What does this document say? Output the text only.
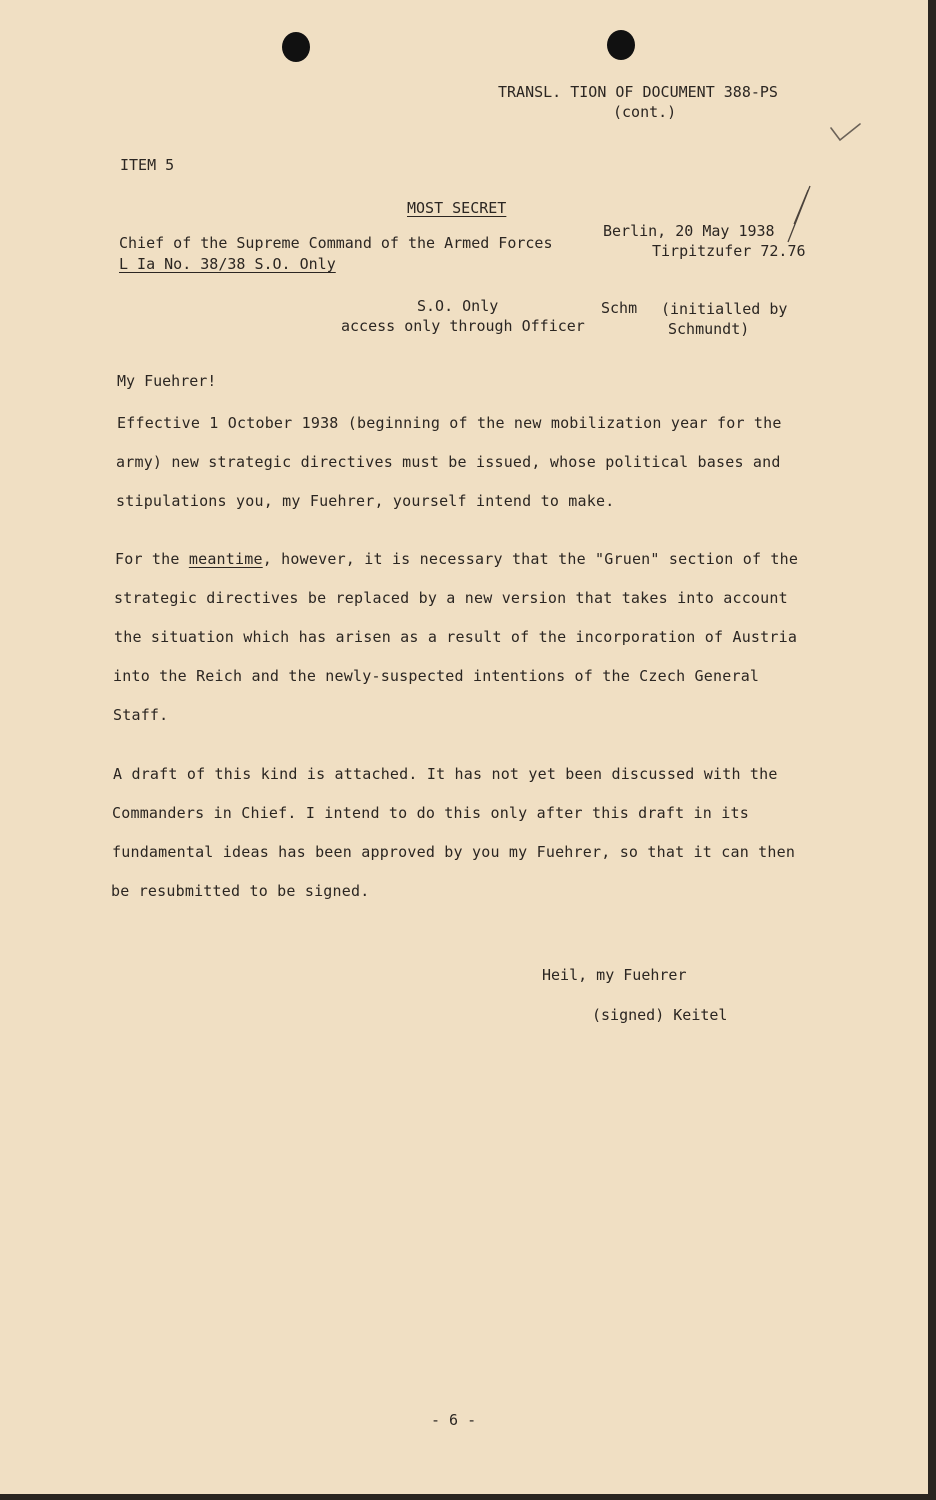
TRANSL. TION OF DOCUMENT 388-PS
(cont.)
ITEM 5
MOST SECRET
Berlin, 20 May 1938
Tirpitzufer 72.76
Chief of the Supreme Command of the Armed Forces
L Ia No. 38/38 S.O. Only
S.O. Only
access only through Officer
Schm (initialled by
Schmundt)
My Fuehrer!
Effective 1 October 1938 (beginning of the new mobilization year for the
army) new strategic directives must be issued, whose political bases and
stipulations you, my Fuehrer, yourself intend to make.
For the meantime, however, it is necessary that the "Gruen" section of the
strategic directives be replaced by a new version that takes into account
the situation which has arisen as a result of the incorporation of Austria
into the Reich and the newly-suspected intentions of the Czech General
Staff.
A draft of this kind is attached. It has not yet been discussed with the
Commanders in Chief. I intend to do this only after this draft in its
fundamental ideas has been approved by you my Fuehrer, so that it can then
be resubmitted to be signed.
Heil, my Fuehrer
(signed) Keitel
- 6 -
